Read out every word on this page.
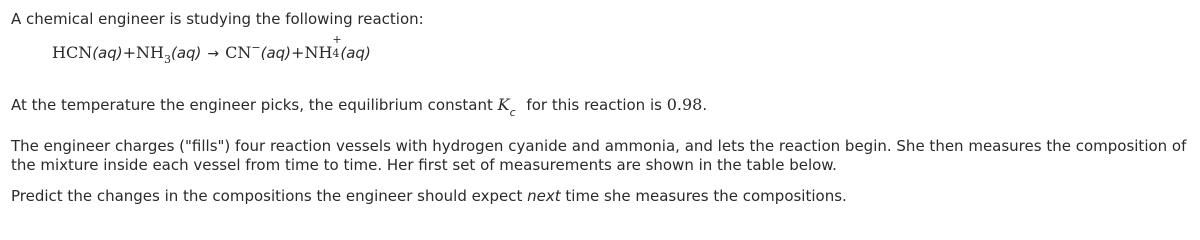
A chemical engineer is studying the following reaction:
$HCN(aq)+NH_3(aq) \to CN^-(aq)+NH$
+
4 (aq)
At the temperature the engineer picks, the equilibrium constant $K_c$ for this reaction is 0.98.
The engineer charges ("fills") four reaction vessels with hydrogen cyanide and ammonia, and lets the reaction begin. She then measures the composition of the mixture inside each vessel from time to time. Her first set of measurements are shown in the table below.
Predict the changes in the compositions the engineer should expect next time she measures the compositions.
